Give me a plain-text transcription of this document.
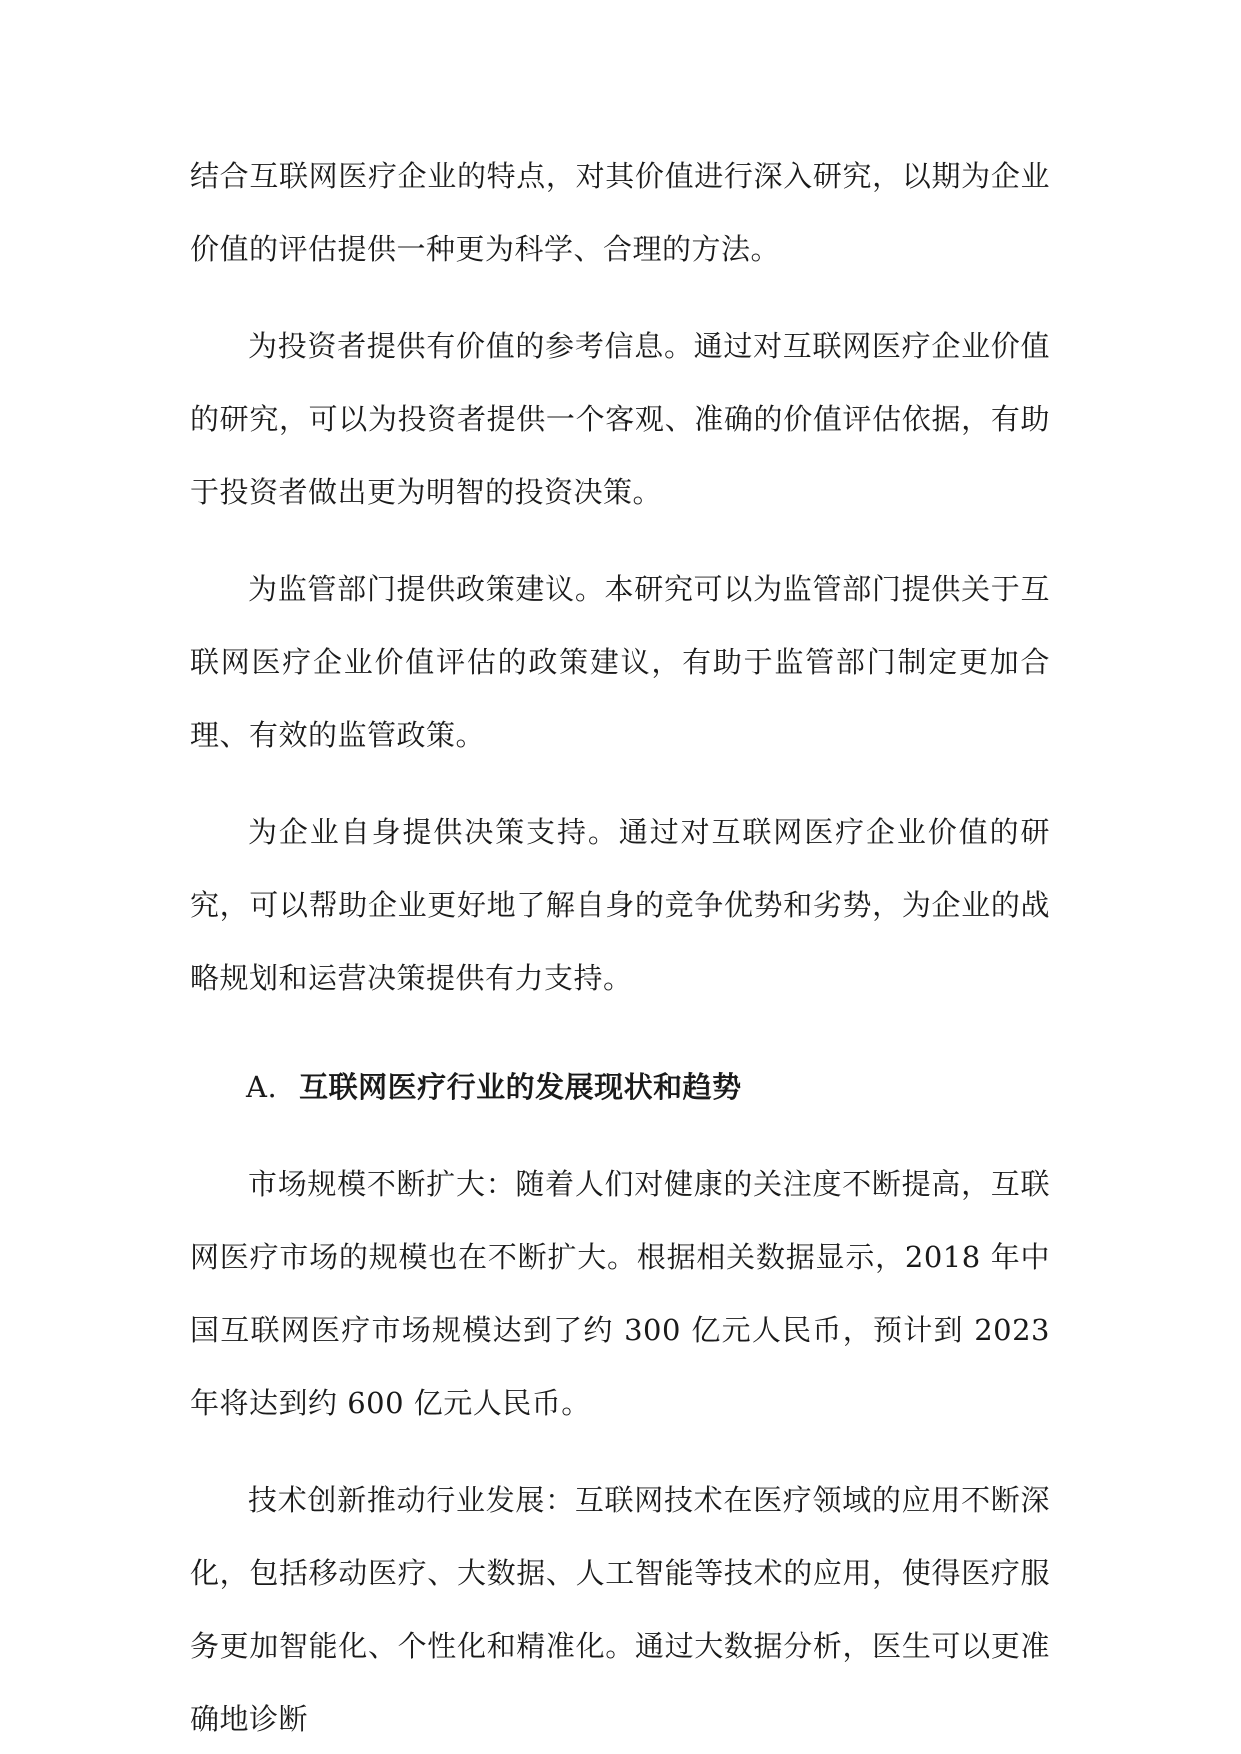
结合互联网医疗企业的特点，对其价值进行深入研究，以期为企业价值的评估提供一种更为科学、合理的方法。

为投资者提供有价值的参考信息。通过对互联网医疗企业价值的研究，可以为投资者提供一个客观、准确的价值评估依据，有助于投资者做出更为明智的投资决策。

为监管部门提供政策建议。本研究可以为监管部门提供关于互联网医疗企业价值评估的政策建议，有助于监管部门制定更加合理、有效的监管政策。

为企业自身提供决策支持。通过对互联网医疗企业价值的研究，可以帮助企业更好地了解自身的竞争优势和劣势，为企业的战略规划和运营决策提供有力支持。

A. 互联网医疗行业的发展现状和趋势

市场规模不断扩大：随着人们对健康的关注度不断提高，互联网医疗市场的规模也在不断扩大。根据相关数据显示，2018 年中国互联网医疗市场规模达到了约 300 亿元人民币，预计到 2023 年将达到约 600 亿元人民币。

技术创新推动行业发展：互联网技术在医疗领域的应用不断深化，包括移动医疗、大数据、人工智能等技术的应用，使得医疗服务更加智能化、个性化和精准化。通过大数据分析，医生可以更准确地诊断
